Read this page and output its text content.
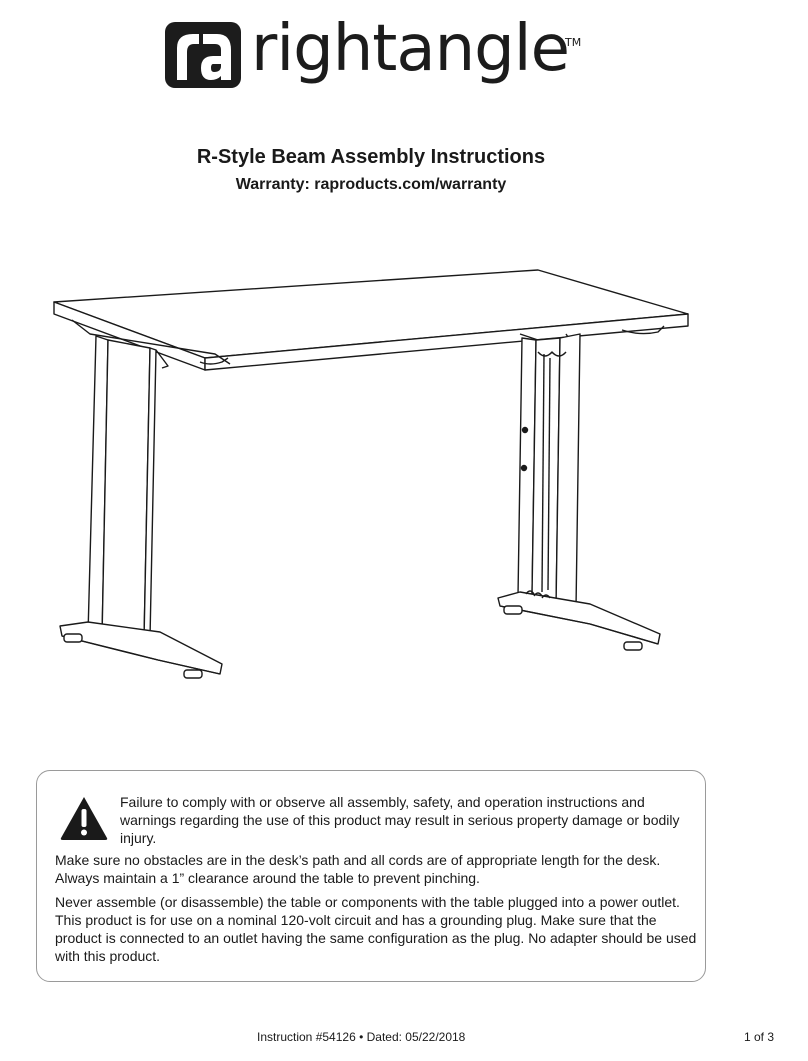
rightangle
TM
R-Style Beam Assembly Instructions
Warranty: raproducts.com/warranty
Failure to comply with or observe all assembly, safety, and operation instructions and warnings regarding the use of this product may result in serious property damage or bodily injury.
Make sure no obstacles are in the desk’s path and all cords are of appropriate length for the desk. Always maintain a 1” clearance around the table to prevent pinching.
Never assemble (or disassemble) the table or components with the table plugged into a power outlet. This product is for use on a nominal 120-volt circuit and has a grounding plug. Make sure that the product is connected to an outlet having the same configuration as the plug. No adapter should be used with this product.
Instruction #54126 • Dated: 05/22/2018	1 of 3
